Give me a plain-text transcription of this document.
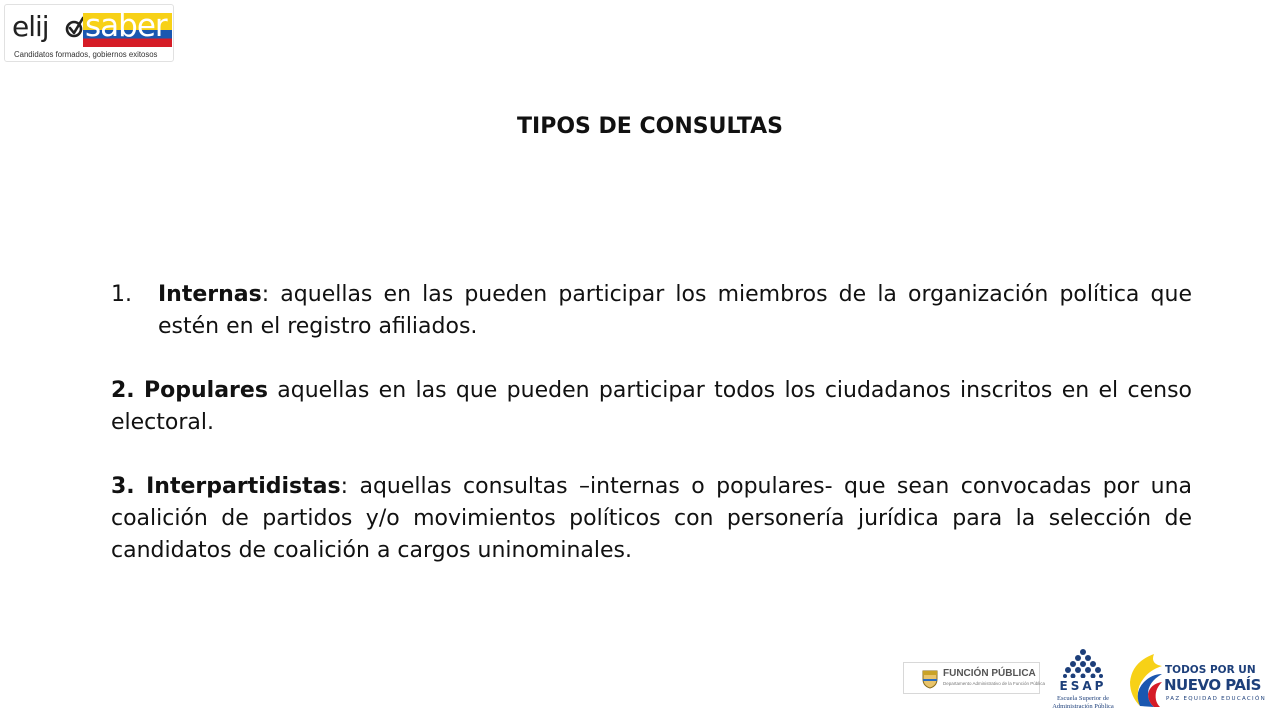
elij saber
Candidatos formados, gobiernos exitosos
TIPOS DE CONSULTAS
1.	Internas: aquellas en las pueden participar los miembros de la organización política que estén en el registro afiliados.

2. Populares aquellas en las que pueden participar todos los ciudadanos inscritos en el censo electoral.

3. Interpartidistas: aquellas consultas –internas o populares- que sean convocadas por una coalición de partidos y/o movimientos políticos con personería jurídica para la selección de candidatos de coalición a cargos uninominales.

FUNCIÓN PÚBLICA
Departamento Administrativo de la Función Pública	ESAP
Escuela Superior de
Administración Pública
TODOS POR UN
NUEVO PAÍS
PAZ EQUIDAD EDUCACIÓN
